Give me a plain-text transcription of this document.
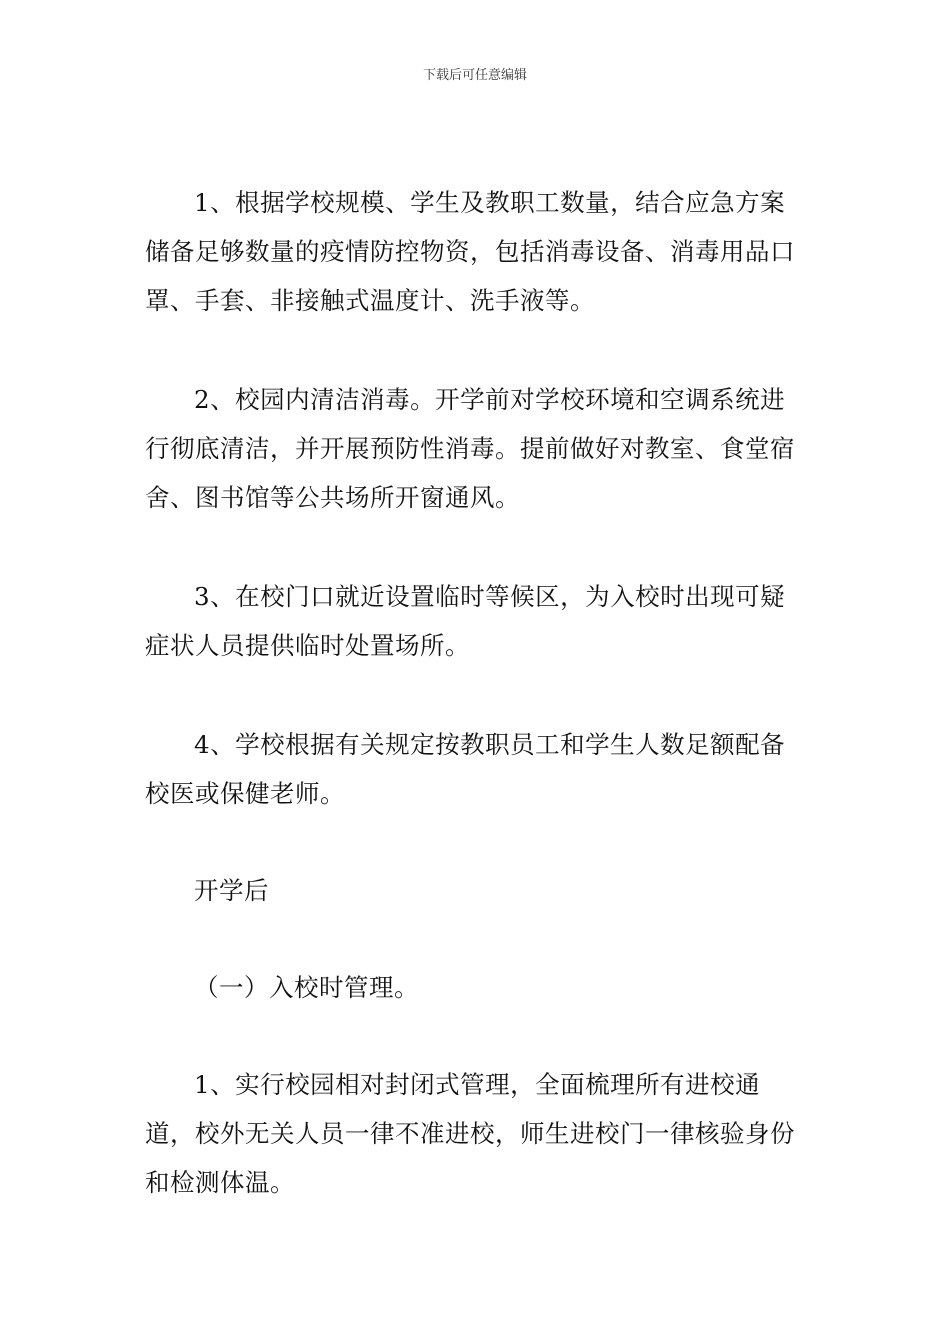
下载后可任意编辑

1、根据学校规模、学生及教职工数量，结合应急方案储备足够数量的疫情防控物资，包括消毒设备、消毒用品口罩、手套、非接触式温度计、洗手液等。

2、校园内清洁消毒。开学前对学校环境和空调系统进行彻底清洁，并开展预防性消毒。提前做好对教室、食堂宿舍、图书馆等公共场所开窗通风。

3、在校门口就近设置临时等候区，为入校时出现可疑症状人员提供临时处置场所。

4、学校根据有关规定按教职员工和学生人数足额配备校医或保健老师。

开学后

（一）入校时管理。

1、实行校园相对封闭式管理，全面梳理所有进校通道，校外无关人员一律不准进校，师生进校门一律核验身份和检测体温。
